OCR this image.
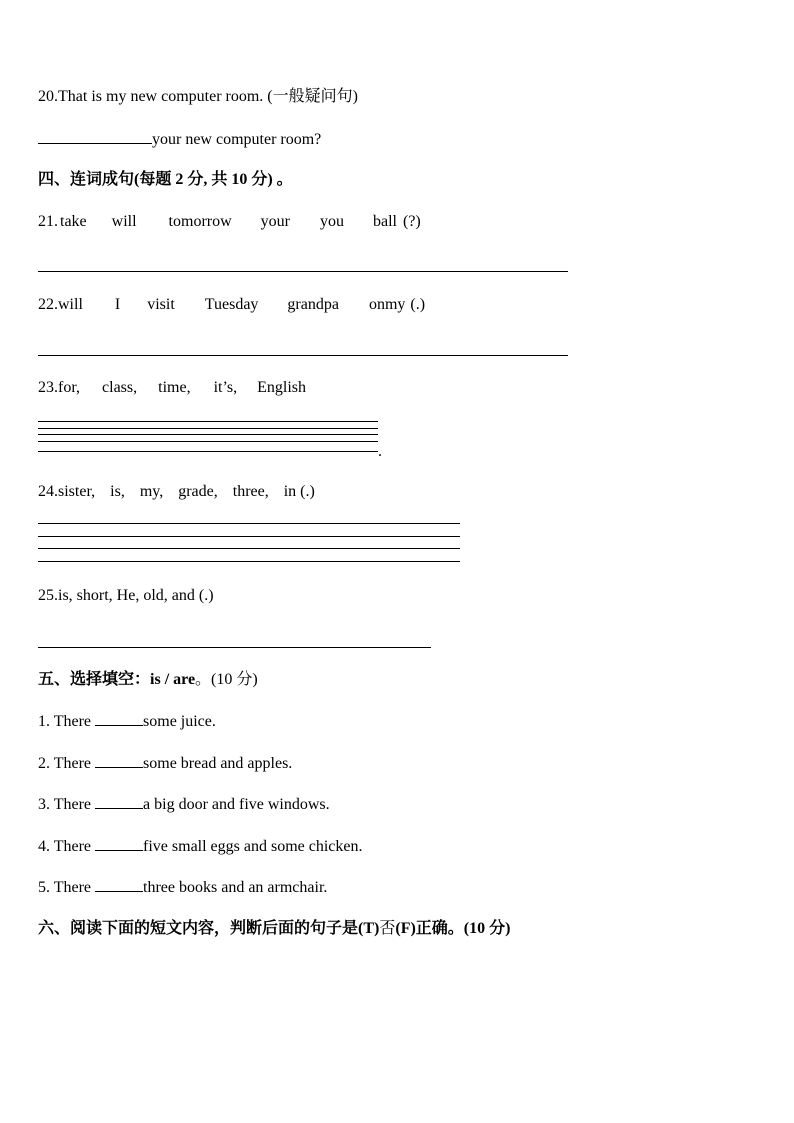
20.That is my new computer room. (一般疑问句)
your new computer room?
四、连词成句(每题 2 分, 共 10 分) 。
21. take will tomorrow your you ball (?)
22.will I visit Tuesday grandpa onmy (.)
23.for, class, time, it’s, English
.
24.sister, is, my, grade, three, in (.)
25.is, short, He, old, and (.)
五、选择填空：is / are。(10 分)
1. There	some juice.
2. There	some bread and apples.
3. There	a big door and five windows.
4. There	five small eggs and some chicken.
5. There	three books and an armchair.
六、阅读下面的短文内容，判断后面的句子是(T)否(F)正确。(10 分)
